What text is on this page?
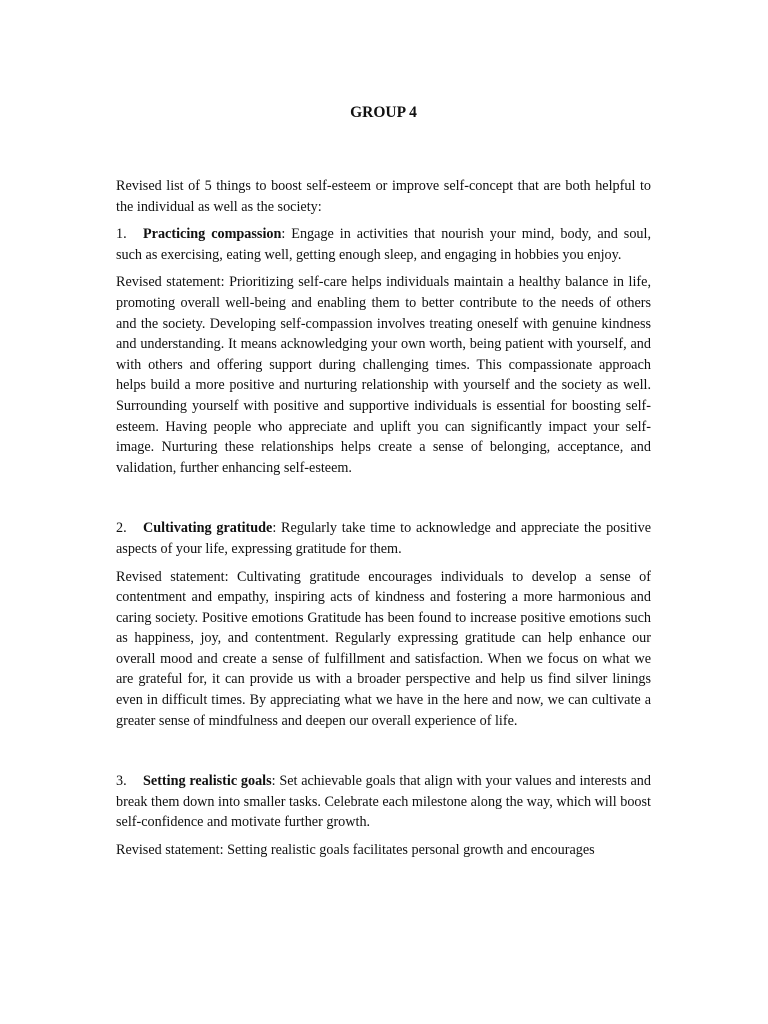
GROUP 4

Revised list of 5 things to boost self-esteem or improve self-concept that are both helpful to the individual as well as the society:

1. Practicing compassion: Engage in activities that nourish your mind, body, and soul, such as exercising, eating well, getting enough sleep, and engaging in hobbies you enjoy.

Revised statement: Prioritizing self-care helps individuals maintain a healthy balance in life, promoting overall well-being and enabling them to better contribute to the needs of others and the society. Developing self-compassion involves treating oneself with genuine kindness and understanding. It means acknowledging your own worth, being patient with yourself, and with others and offering support during challenging times. This compassionate approach helps build a more positive and nurturing relationship with yourself and the society as well. Surrounding yourself with positive and supportive individuals is essential for boosting self-esteem. Having people who appreciate and uplift you can significantly impact your self-image. Nurturing these relationships helps create a sense of belonging, acceptance, and validation, further enhancing self-esteem.

2. Cultivating gratitude: Regularly take time to acknowledge and appreciate the positive aspects of your life, expressing gratitude for them.

Revised statement: Cultivating gratitude encourages individuals to develop a sense of contentment and empathy, inspiring acts of kindness and fostering a more harmonious and caring society. Positive emotions Gratitude has been found to increase positive emotions such as happiness, joy, and contentment. Regularly expressing gratitude can help enhance our overall mood and create a sense of fulfillment and satisfaction. When we focus on what we are grateful for, it can provide us with a broader perspective and help us find silver linings even in difficult times. By appreciating what we have in the here and now, we can cultivate a greater sense of mindfulness and deepen our overall experience of life.

3. Setting realistic goals: Set achievable goals that align with your values and interests and break them down into smaller tasks. Celebrate each milestone along the way, which will boost self-confidence and motivate further growth.

Revised statement: Setting realistic goals facilitates personal growth and encourages
